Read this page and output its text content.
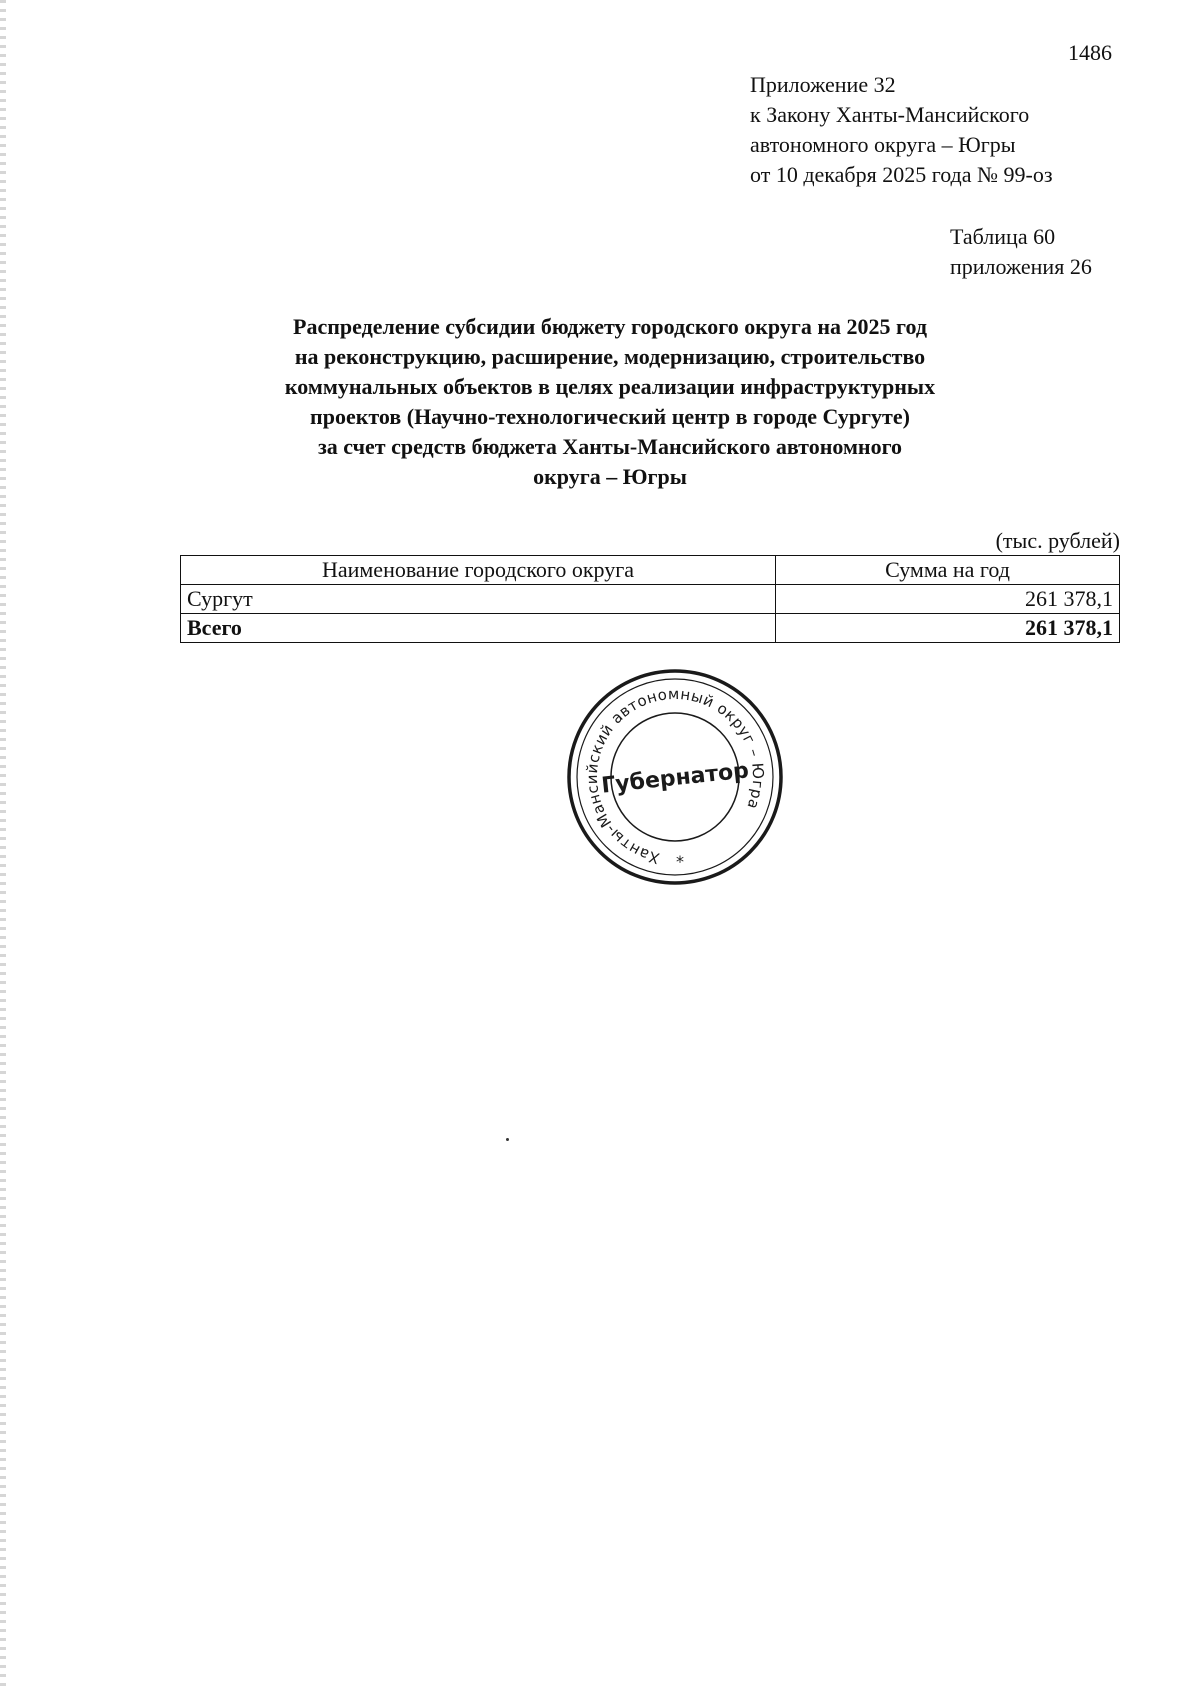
1486
Приложение 32
к Закону Ханты-Мансийского
автономного округа – Югры
от 10 декабря 2025 года № 99-оз
Таблица 60
приложения 26
Распределение субсидии бюджету городского округа на 2025 год
на реконструкцию, расширение, модернизацию, строительство
коммунальных объектов в целях реализации инфраструктурных
проектов (Научно-технологический центр в городе Сургуте)
за счет средств бюджета Ханты-Мансийского автономного
округа – Югры
(тыс. рублей)
Наименование городского округа	Сумма на год
Сургут	261 378,1
Всего	261 378,1
Ханты-Мансийский автономный округ – Югра
Губернатор
*
